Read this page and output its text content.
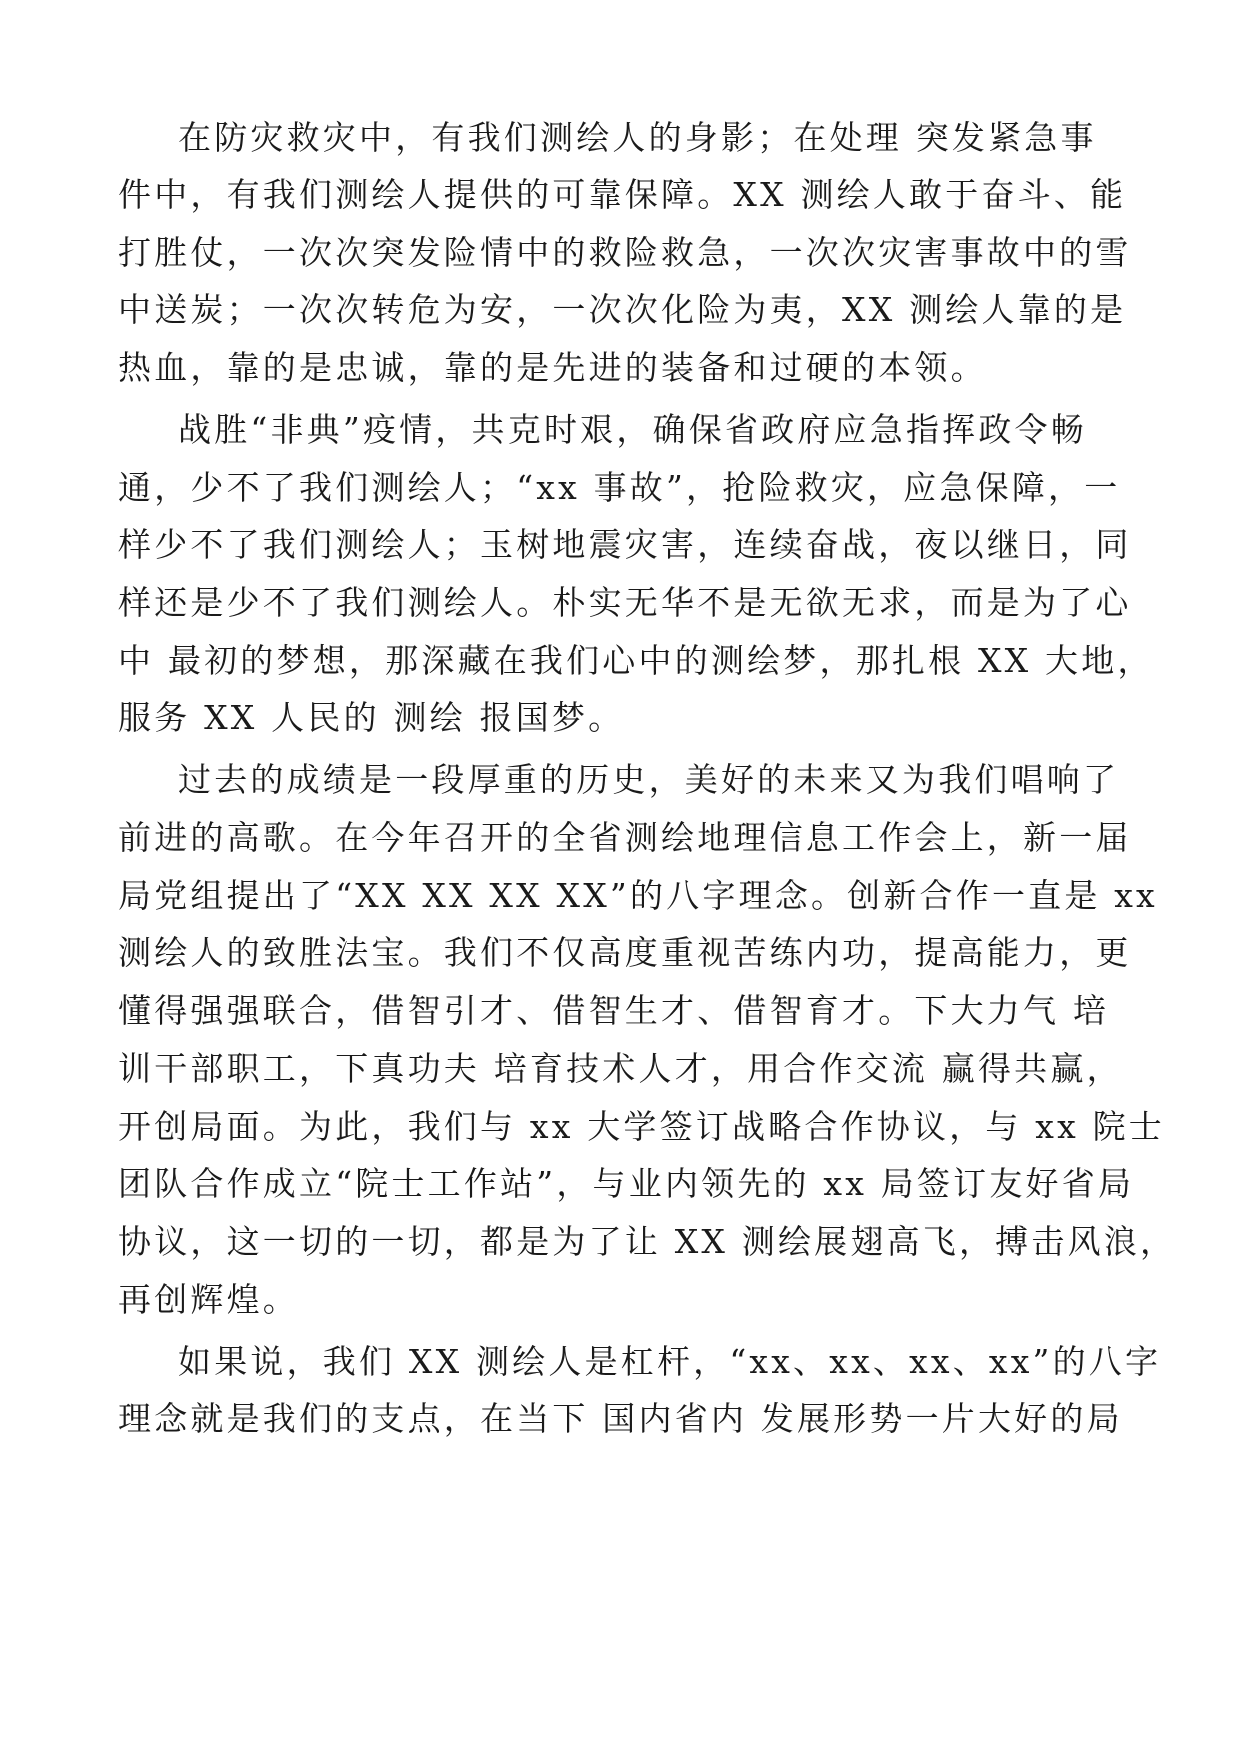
在防灾救灾中，有我们测绘人的身影；在处理 突发紧急事
件中，有我们测绘人提供的可靠保障。XX 测绘人敢于奋斗、能
打胜仗，一次次突发险情中的救险救急，一次次灾害事故中的雪
中送炭；一次次转危为安，一次次化险为夷，XX 测绘人靠的是
热血，靠的是忠诚，靠的是先进的装备和过硬的本领。
战胜“非典”疫情，共克时艰，确保省政府应急指挥政令畅
通，少不了我们测绘人；“xx 事故”，抢险救灾，应急保障，一
样少不了我们测绘人；玉树地震灾害，连续奋战，夜以继日，同
样还是少不了我们测绘人。朴实无华不是无欲无求，而是为了心
中 最初的梦想，那深藏在我们心中的测绘梦，那扎根 XX 大地，
服务 XX 人民的 测绘 报国梦。
过去的成绩是一段厚重的历史，美好的未来又为我们唱响了
前进的高歌。在今年召开的全省测绘地理信息工作会上，新一届
局党组提出了“XX XX XX XX”的八字理念。创新合作一直是 xx
测绘人的致胜法宝。我们不仅高度重视苦练内功，提高能力，更
懂得强强联合，借智引才、借智生才、借智育才。下大力气 培
训干部职工，下真功夫 培育技术人才，用合作交流 赢得共赢，
开创局面。为此，我们与 xx 大学签订战略合作协议，与 xx 院士
团队合作成立“院士工作站”，与业内领先的 xx 局签订友好省局
协议，这一切的一切，都是为了让 XX 测绘展翅高飞，搏击风浪，
再创辉煌。
如果说，我们 XX 测绘人是杠杆，“xx、xx、xx、xx”的八字
理念就是我们的支点，在当下 国内省内 发展形势一片大好的局
